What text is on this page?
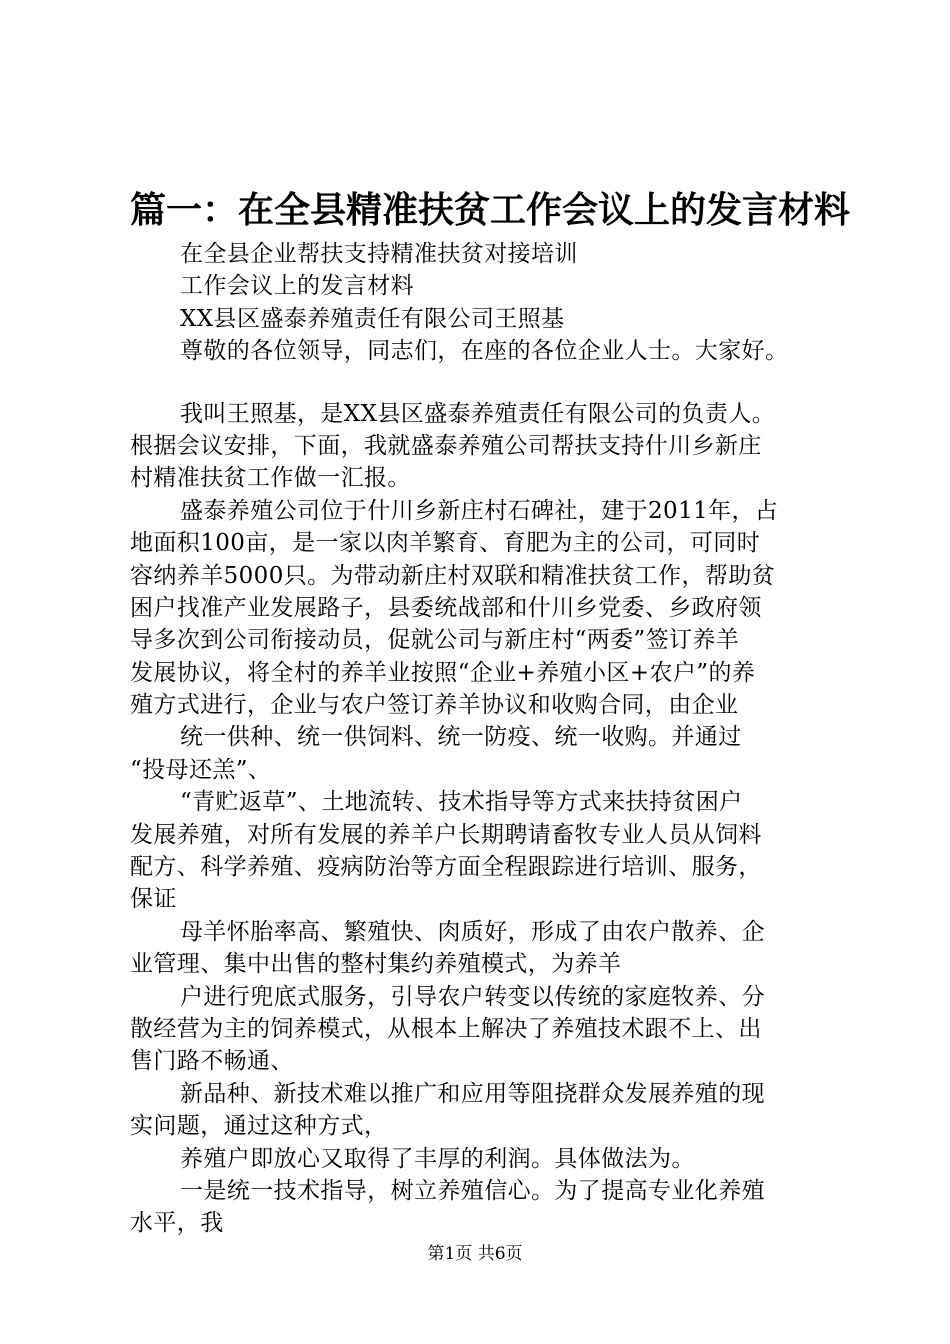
篇一：在全县精准扶贫工作会议上的发言材料
在全县企业帮扶支持精准扶贫对接培训
工作会议上的发言材料
XX县区盛泰养殖责任有限公司王照基
尊敬的各位领导，同志们，在座的各位企业人士。大家好。
我叫王照基，是XX县区盛泰养殖责任有限公司的负责人。
根据会议安排，下面，我就盛泰养殖公司帮扶支持什川乡新庄
村精准扶贫工作做一汇报。
盛泰养殖公司位于什川乡新庄村石碑社，建于2011年，占
地面积100亩，是一家以肉羊繁育、育肥为主的公司，可同时
容纳养羊5000只。为带动新庄村双联和精准扶贫工作，帮助贫
困户找准产业发展路子，县委统战部和什川乡党委、乡政府领
导多次到公司衔接动员，促就公司与新庄村“两委”签订养羊
发展协议，将全村的养羊业按照“企业+养殖小区+农户”的养
殖方式进行，企业与农户签订养羊协议和收购合同，由企业
统一供种、统一供饲料、统一防疫、统一收购。并通过
“投母还羔”、
“青贮返草”、土地流转、技术指导等方式来扶持贫困户
发展养殖，对所有发展的养羊户长期聘请畜牧专业人员从饲料
配方、科学养殖、疫病防治等方面全程跟踪进行培训、服务，
保证
母羊怀胎率高、繁殖快、肉质好，形成了由农户散养、企
业管理、集中出售的整村集约养殖模式，为养羊
户进行兜底式服务，引导农户转变以传统的家庭牧养、分
散经营为主的饲养模式，从根本上解决了养殖技术跟不上、出
售门路不畅通、
新品种、新技术难以推广和应用等阻挠群众发展养殖的现
实问题，通过这种方式，
养殖户即放心又取得了丰厚的利润。具体做法为。
一是统一技术指导，树立养殖信心。为了提高专业化养殖
水平，我
第1页 共6页
